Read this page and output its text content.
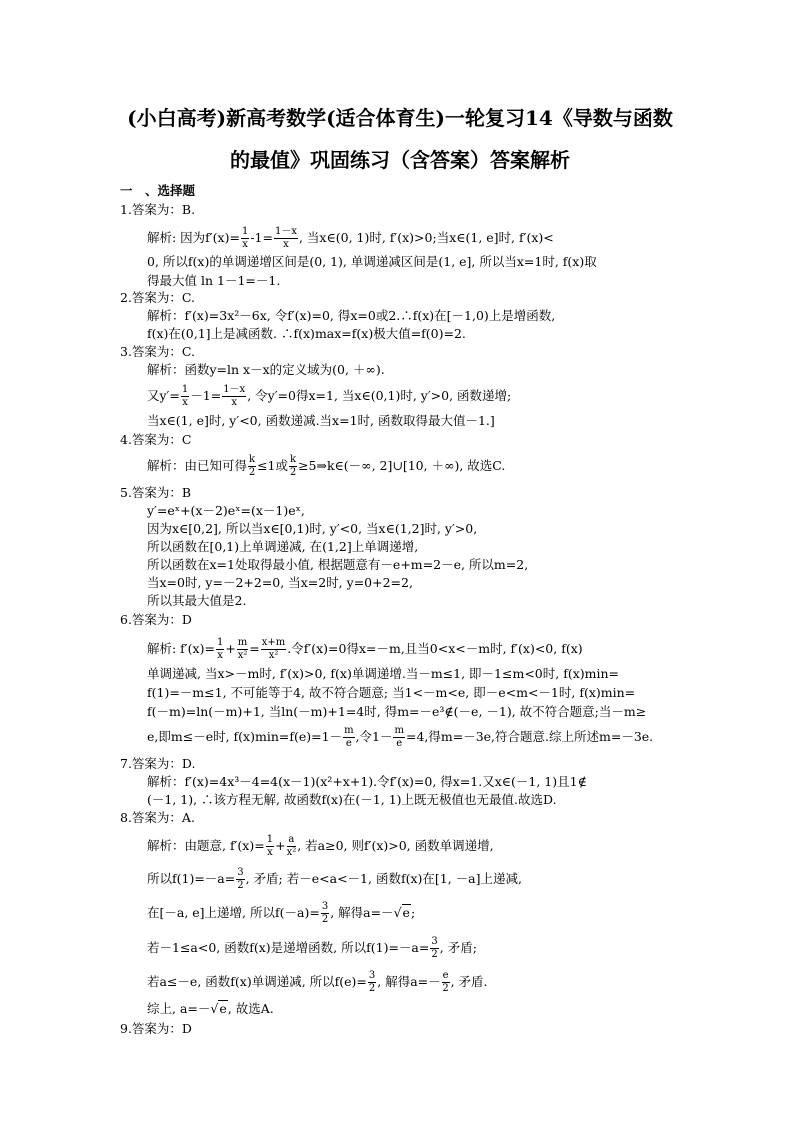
(小白高考)新高考数学(适合体育生)一轮复习14《导数与函数
的最值》巩固练习（含答案）答案解析
一　、选择题
1.答案为：B.
解析: 因为$f'(x)= \frac{1}{x} -1= \frac{1-x}{x}$ , 当x∈(0, 1)时, f′(x)>0;当x∈(1, e]时, f′(x)<
0, 所以f(x)的单调递增区间是(0, 1), 单调递减区间是(1, e], 所以当x=1时, f(x)取
得最大值 ln 1－1=－1.
2.答案为：C.
解析：f′(x)=3x²－6x, 令f′(x)=0, 得x=0或2.∴f(x)在[－1,0)上是增函数,
f(x)在(0,1]上是减函数. ∴f(x)max=f(x)极大值=f(0)=2.
3.答案为：C.
解析：函数y=ln x－x的定义域为(0, ＋∞).
又$y'= \frac{1}{x} -1= \frac{1-x}{x}$ , 令y′=0得x=1, 当x∈(0,1)时, y′>0, 函数递增;
当x∈(1, e]时, y′<0, 函数递减.当x=1时, 函数取得最大值－1.]
4.答案为：C
解析：由已知可得 $\frac{k}{2} \le 1$或 $\frac{k}{2}$ ≥5⇒k∈(－∞, 2]∪[10, ＋∞), 故选C.
5.答案为：B
y′=eˣ+(x－2)eˣ=(x－1)eˣ,
因为x∈[0,2], 所以当x∈[0,1)时, y′<0, 当x∈(1,2]时, y′>0,
所以函数在[0,1)上单调递减, 在(1,2]上单调递增,
所以函数在x=1处取得最小值, 根据题意有－e+m=2－e, 所以m=2,
当x=0时, y=－2+2=0, 当x=2时, y=0+2=2,
所以其最大值是2.
6.答案为：D
解析: $f'(x)= \frac{1}{x} + \frac{m}{\text{x²}} = \frac{x+m}{\text{x²}}$ .令f′(x)=0得x=－m,且当0<x<－m时, f′(x)<0, f(x)
单调递减, 当x>－m时, f′(x)>0, f(x)单调递增.当－m≤1, 即－1≤m<0时, f(x)min=
f(1)=－m≤1, 不可能等于4, 故不符合题意; 当1<－m<e, 即－e<m<－1时, f(x)min=
f(－m)=ln(－m)+1, 当ln(－m)+1=4时, 得m=－e³∉(－e, －1), 故不符合题意;当－m≥
e,即m≤－e时, $f(x)\min=f(e)=1- \frac{m}{e}$ ,令$1- \frac{m}{e} =4$,得m=－3e,符合题意.综上所述m=－3e.
7.答案为：D.
解析：f′(x)=4x³－4=4(x－1)(x²+x+1).令f′(x)=0, 得x=1.又x∈(－1, 1)且1∉
(－1, 1), ∴该方程无解, 故函数f(x)在(－1, 1)上既无极值也无最值.故选D.
8.答案为：A.
解析：由题意, $f'(x)= \frac{1}{x} + \frac{a}{\text{x²}}$ , 若a≥0, 则f′(x)>0, 函数单调递增,
所以$f(1)=-a= \frac{3}{2}$ , 矛盾; 若－e<a<－1, 函数f(x)在[1, －a]上递减,
在[－a, e]上递增, 所以$f(-a)= \frac{3}{2}$ , 解得a=－√e;
若－1≤a<0, 函数f(x)是递增函数, 所以$f(1)=-a= \frac{3}{2}$ , 矛盾;
若a≤－e, 函数f(x)单调递减, 所以$f(e)= \frac{3}{2}$ , 解得$a=- \frac{e}{2}$ , 矛盾.
综上, a=－√e, 故选A.
9.答案为：D
